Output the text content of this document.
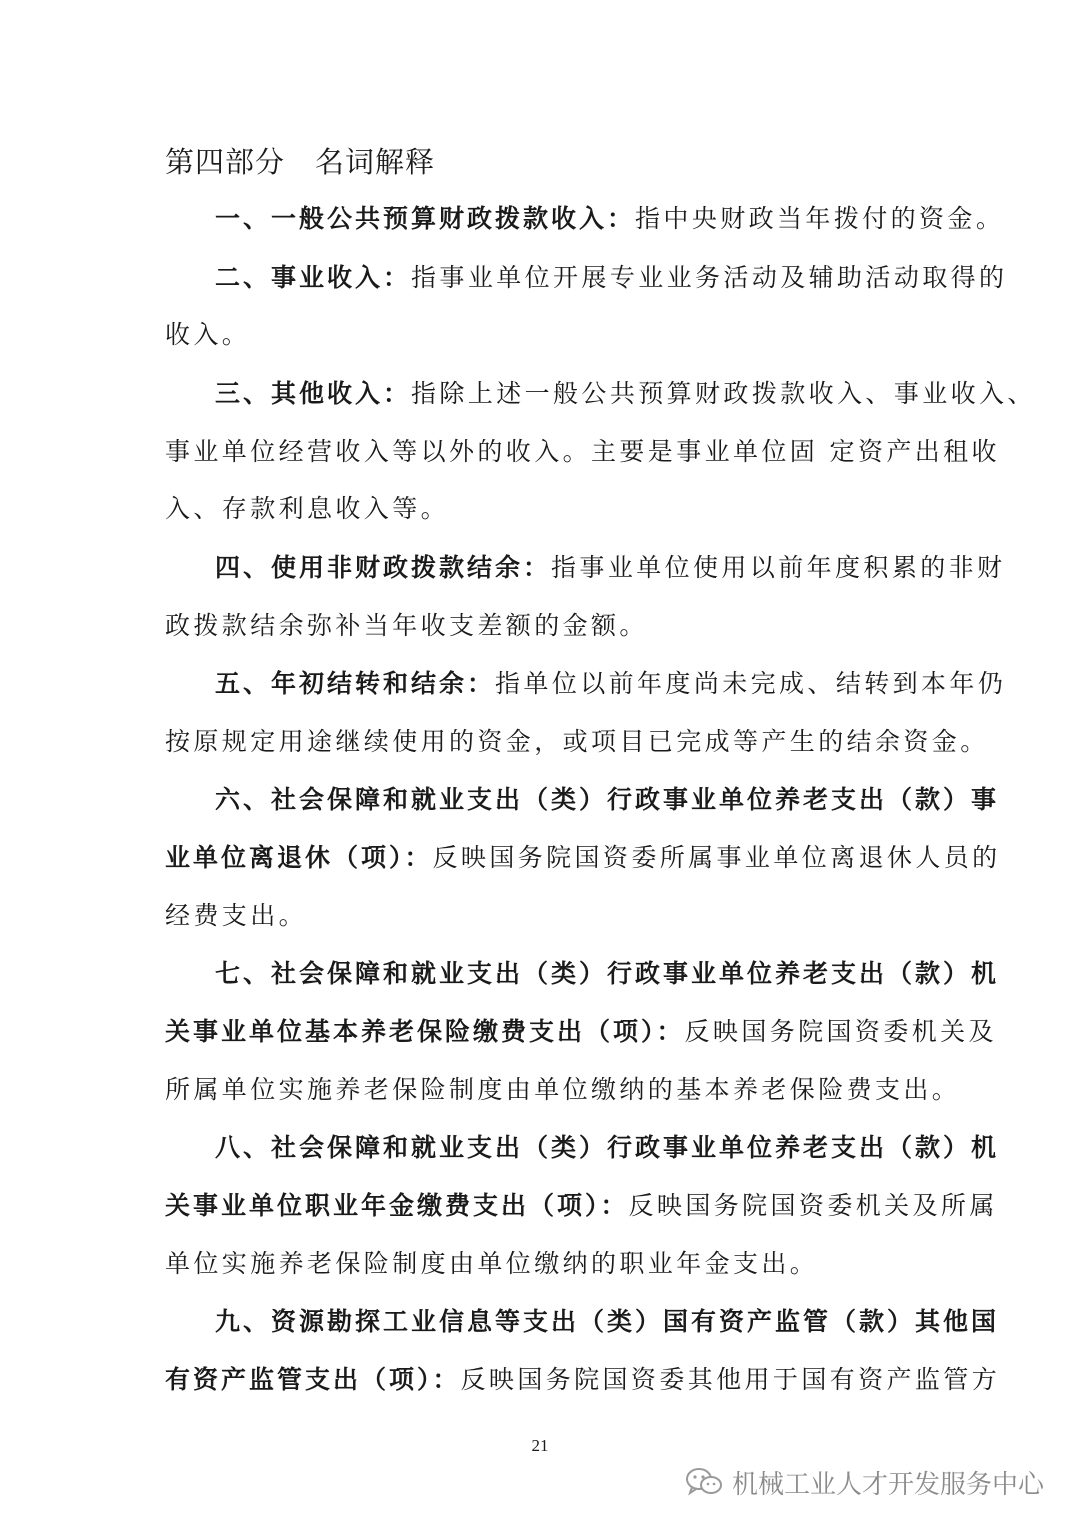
第四部分　名词解释
一、一般公共预算财政拨款收入：指中央财政当年拨付的资金。
二、事业收入：指事业单位开展专业业务活动及辅助活动取得的
收入。
三、其他收入：指除上述一般公共预算财政拨款收入、事业收入、
事业单位经营收入等以外的收入。主要是事业单位固 定资产出租收
入、存款利息收入等。
四、使用非财政拨款结余：指事业单位使用以前年度积累的非财
政拨款结余弥补当年收支差额的金额。
五、年初结转和结余：指单位以前年度尚未完成、结转到本年仍
按原规定用途继续使用的资金，或项目已完成等产生的结余资金。
六、社会保障和就业支出（类）行政事业单位养老支出（款）事
业单位离退休（项）：反映国务院国资委所属事业单位离退休人员的
经费支出。
七、社会保障和就业支出（类）行政事业单位养老支出（款）机
关事业单位基本养老保险缴费支出（项）：反映国务院国资委机关及
所属单位实施养老保险制度由单位缴纳的基本养老保险费支出。
八、社会保障和就业支出（类）行政事业单位养老支出（款）机
关事业单位职业年金缴费支出（项）：反映国务院国资委机关及所属
单位实施养老保险制度由单位缴纳的职业年金支出。
九、资源勘探工业信息等支出（类）国有资产监管（款）其他国
有资产监管支出（项）：反映国务院国资委其他用于国有资产监管方
21
机械工业人才开发服务中心
